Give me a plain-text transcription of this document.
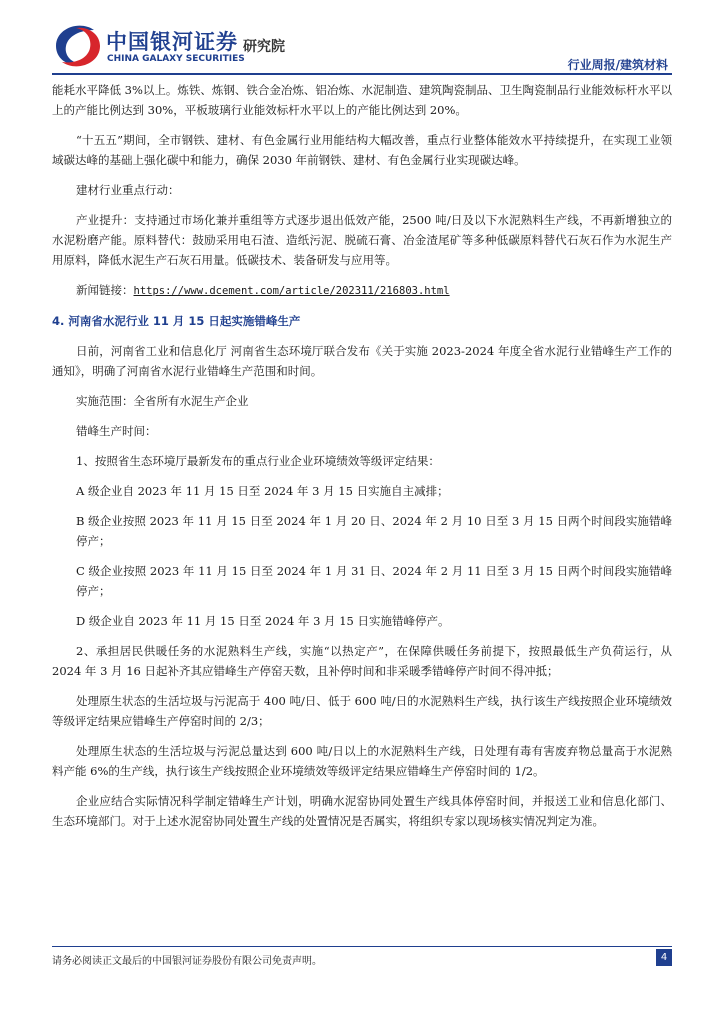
中国银河证券
CHINA GALAXY SECURITIES
研究院
行业周报/建筑材料

能耗水平降低 3%以上。炼铁、炼钢、铁合金冶炼、铝冶炼、水泥制造、建筑陶瓷制品、卫生陶瓷制品行业能效标杆水平以上的产能比例达到 30%，平板玻璃行业能效标杆水平以上的产能比例达到 20%。

“十五五”期间，全市钢铁、建材、有色金属行业用能结构大幅改善，重点行业整体能效水平持续提升，在实现工业领域碳达峰的基础上强化碳中和能力，确保 2030 年前钢铁、建材、有色金属行业实现碳达峰。

建材行业重点行动：

产业提升：支持通过市场化兼并重组等方式逐步退出低效产能，2500 吨/日及以下水泥熟料生产线，不再新增独立的水泥粉磨产能。原料替代：鼓励采用电石渣、造纸污泥、脱硫石膏、冶金渣尾矿等多种低碳原料替代石灰石作为水泥生产用原料，降低水泥生产石灰石用量。低碳技术、装备研发与应用等。

新闻链接：https://www.dcement.com/article/202311/216803.html

4. 河南省水泥行业 11 月 15 日起实施错峰生产

日前，河南省工业和信息化厅 河南省生态环境厅联合发布《关于实施 2023-2024 年度全省水泥行业错峰生产工作的通知》，明确了河南省水泥行业错峰生产范围和时间。

实施范围：全省所有水泥生产企业

错峰生产时间：

1、按照省生态环境厅最新发布的重点行业企业环境绩效等级评定结果：

A 级企业自 2023 年 11 月 15 日至 2024 年 3 月 15 日实施自主减排；

B 级企业按照 2023 年 11 月 15 日至 2024 年 1 月 20 日、2024 年 2 月 10 日至 3 月 15 日两个时间段实施错峰停产；

C 级企业按照 2023 年 11 月 15 日至 2024 年 1 月 31 日、2024 年 2 月 11 日至 3 月 15 日两个时间段实施错峰停产；

D 级企业自 2023 年 11 月 15 日至 2024 年 3 月 15 日实施错峰停产。

2、承担居民供暖任务的水泥熟料生产线，实施“以热定产”，在保障供暖任务前提下，按照最低生产负荷运行，从 2024 年 3 月 16 日起补齐其应错峰生产停窑天数，且补停时间和非采暖季错峰停产时间不得冲抵；

处理原生状态的生活垃圾与污泥高于 400 吨/日、低于 600 吨/日的水泥熟料生产线，执行该生产线按照企业环境绩效等级评定结果应错峰生产停窑时间的 2/3；

处理原生状态的生活垃圾与污泥总量达到 600 吨/日以上的水泥熟料生产线，日处理有毒有害废弃物总量高于水泥熟料产能 6%的生产线，执行该生产线按照企业环境绩效等级评定结果应错峰生产停窑时间的 1/2。

企业应结合实际情况科学制定错峰生产计划，明确水泥窑协同处置生产线具体停窑时间，并报送工业和信息化部门、生态环境部门。对于上述水泥窑协同处置生产线的处置情况是否属实，将组织专家以现场核实情况判定为准。

请务必阅读正文最后的中国银河证券股份有限公司免责声明。	4
